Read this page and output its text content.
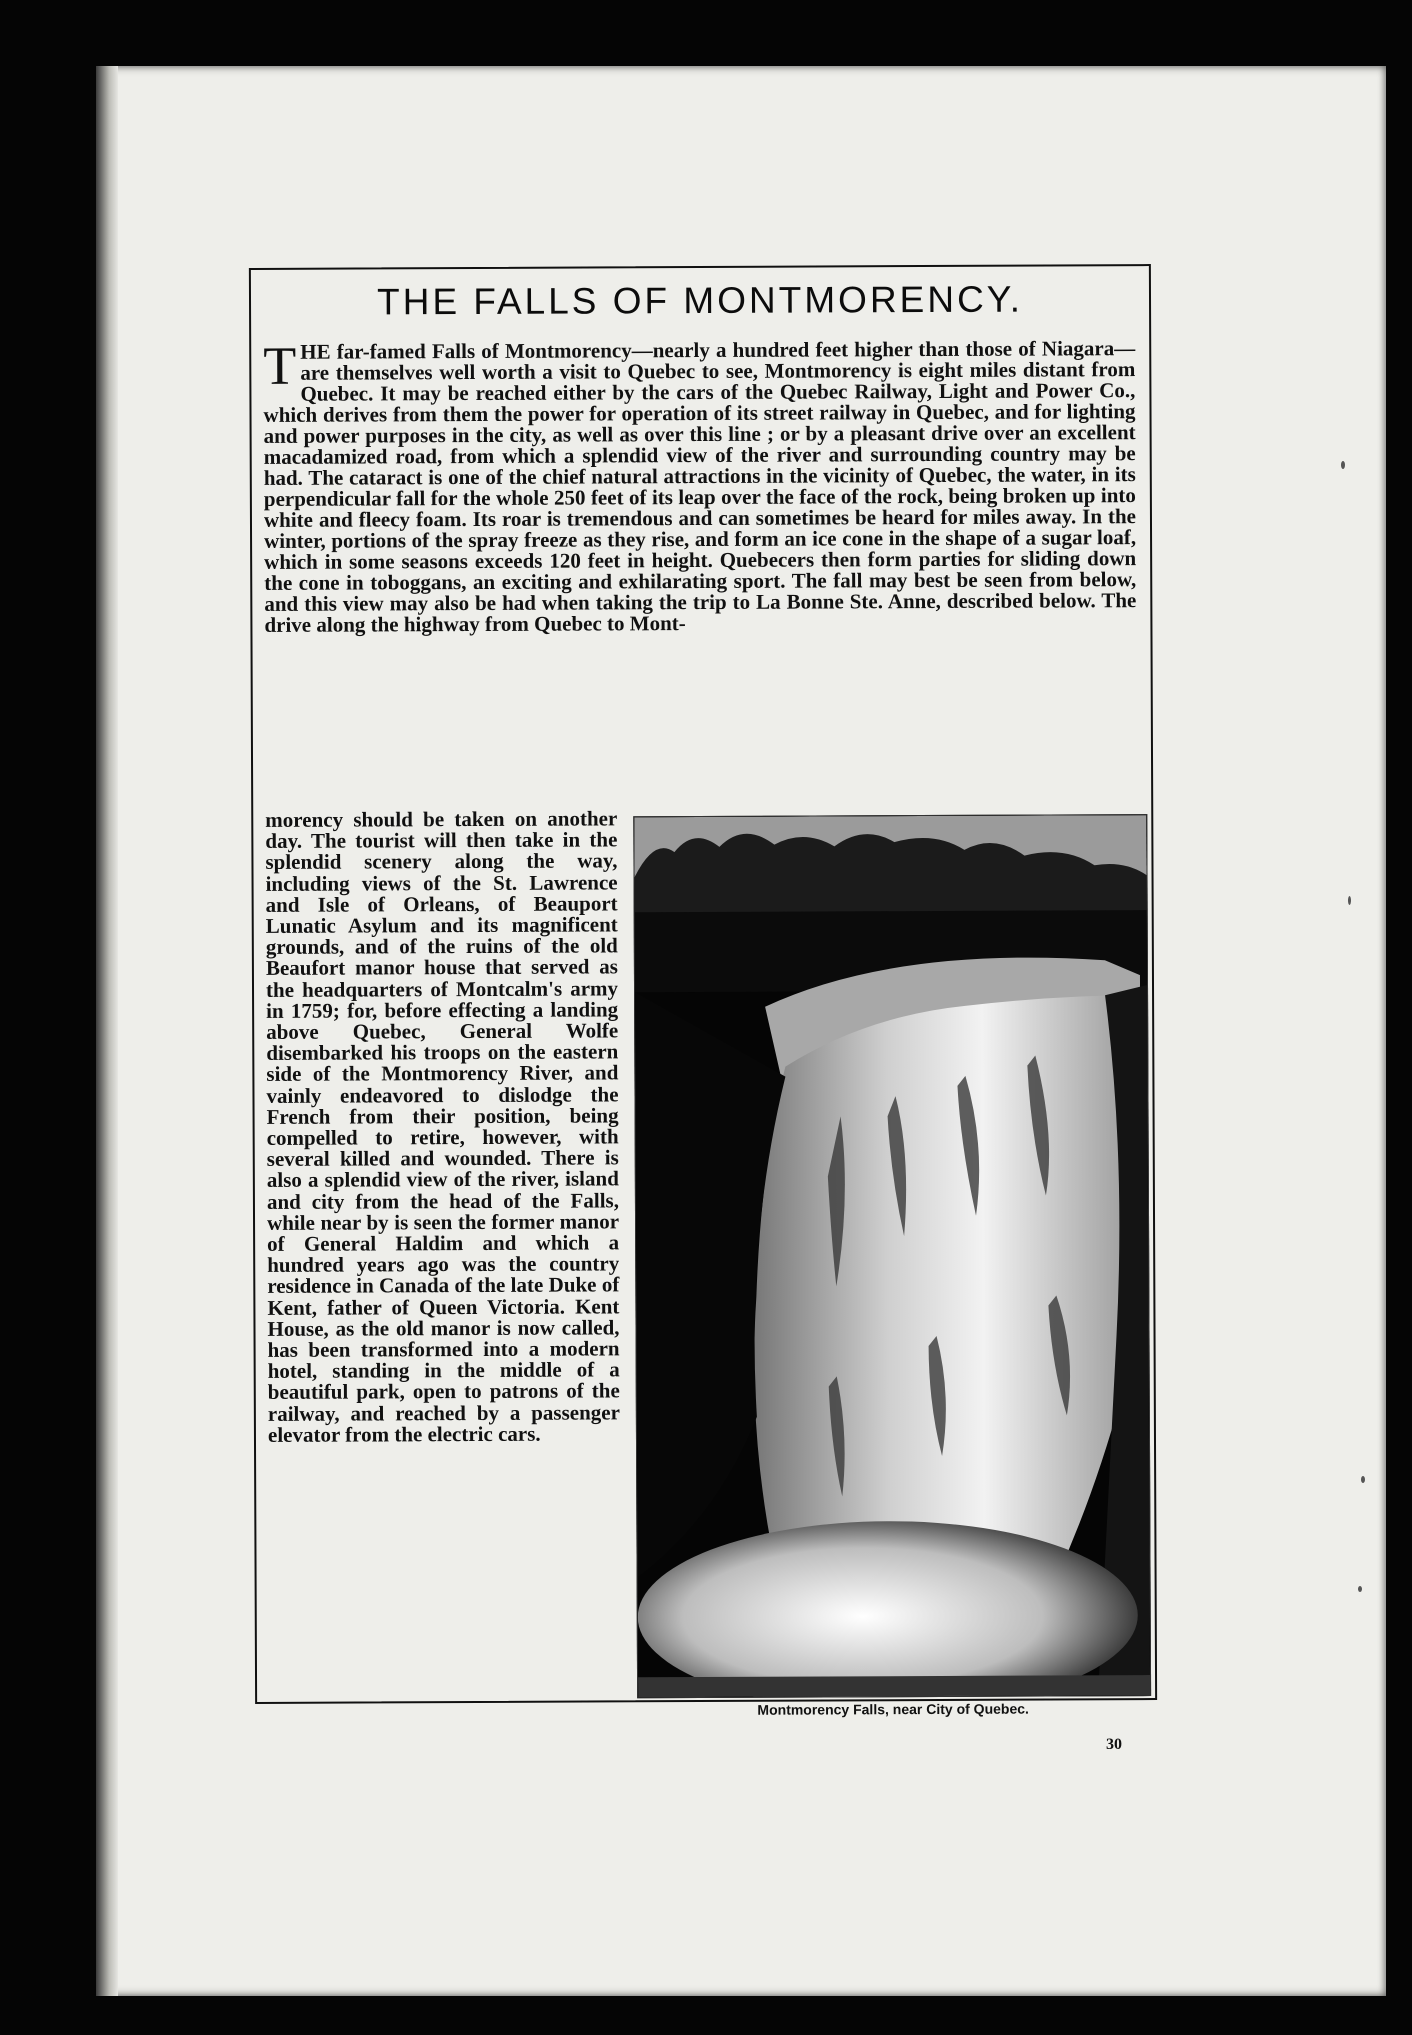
THE FALLS OF MONTMORENCY.

THE far-famed Falls of Montmorency—nearly a hundred feet higher than those of Niagara—are themselves well worth a visit to Quebec to see, Montmorency is eight miles distant from Quebec. It may be reached either by the cars of the Quebec Railway, Light and Power Co., which derives from them the power for operation of its street railway in Quebec, and for lighting and power purposes in the city, as well as over this line ; or by a pleasant drive over an excellent macadamized road, from which a splendid view of the river and surrounding country may be had. The cataract is one of the chief natural attractions in the vicinity of Quebec, the water, in its perpendicular fall for the whole 250 feet of its leap over the face of the rock, being broken up into white and fleecy foam. Its roar is tremendous and can sometimes be heard for miles away. In the winter, portions of the spray freeze as they rise, and form an ice cone in the shape of a sugar loaf, which in some seasons exceeds 120 feet in height. Quebecers then form parties for sliding down the cone in toboggans, an exciting and exhilarating sport. The fall may best be seen from below, and this view may also be had when taking the trip to La Bonne Ste. Anne, described below. The drive along the highway from Quebec to Mont-

morency should be taken on another day. The tourist will then take in the splendid scenery along the way, including views of the St. Lawrence and Isle of Orleans, of Beauport Lunatic Asylum and its magnificent grounds, and of the ruins of the old Beaufort manor house that served as the headquarters of Montcalm's army in 1759; for, before effecting a landing above Quebec, General Wolfe disembarked his troops on the eastern side of the Montmorency River, and vainly endeavored to dislodge the French from their position, being compelled to retire, however, with several killed and wounded. There is also a splendid view of the river, island and city from the head of the Falls, while near by is seen the former manor of General Haldim and which a hundred years ago was the country residence in Canada of the late Duke of Kent, father of Queen Victoria. Kent House, as the old manor is now called, has been transformed into a modern hotel, standing in the middle of a beautiful park, open to patrons of the railway, and reached by a passenger elevator from the electric cars.

Montmorency Falls, near City of Quebec.

30
